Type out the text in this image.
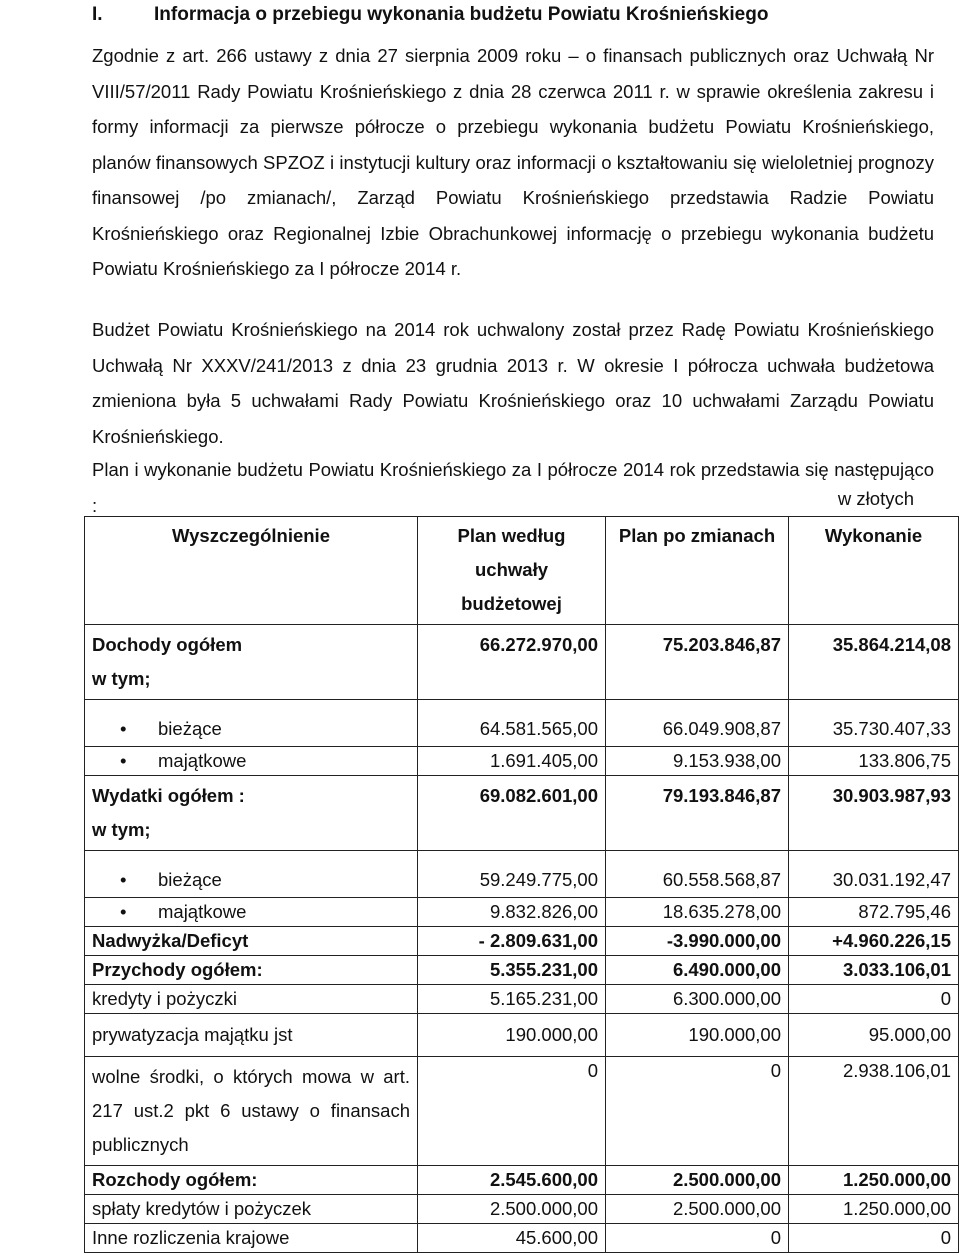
I.	Informacja o przebiegu wykonania budżetu Powiatu Krośnieńskiego
Zgodnie z art. 266 ustawy z dnia 27 sierpnia 2009 roku – o finansach publicznych oraz Uchwałą Nr VIII/57/2011 Rady Powiatu Krośnieńskiego z dnia 28 czerwca 2011 r. w sprawie określenia zakresu i formy informacji za pierwsze półrocze o przebiegu wykonania budżetu Powiatu Krośnieńskiego, planów finansowych SPZOZ i instytucji kultury oraz informacji o kształtowaniu się wieloletniej prognozy finansowej /po zmianach/, Zarząd Powiatu Krośnieńskiego przedstawia Radzie Powiatu Krośnieńskiego oraz Regionalnej Izbie Obrachunkowej informację o przebiegu wykonania budżetu Powiatu Krośnieńskiego za I półrocze 2014 r.
Budżet Powiatu Krośnieńskiego na 2014 rok uchwalony został przez Radę Powiatu Krośnieńskiego Uchwałą Nr XXXV/241/2013 z dnia 23 grudnia 2013 r. W okresie I półrocza uchwała budżetowa zmieniona była 5 uchwałami Rady Powiatu Krośnieńskiego oraz 10 uchwałami Zarządu Powiatu Krośnieńskiego.
Plan i wykonanie budżetu Powiatu Krośnieńskiego za I półrocze 2014 rok przedstawia się następująco :	w złotych
Wyszczególnienie	Plan według uchwały budżetowej	Plan po zmianach	Wykonanie

Dochody ogółem
w tym;	66.272.970,00	75.203.846,87	35.864.214,08
•bieżące	64.581.565,00	66.049.908,87	35.730.407,33
•majątkowe	1.691.405,00	9.153.938,00	133.806,75

Wydatki ogółem :
w tym;	69.082.601,00	79.193.846,87	30.903.987,93
•bieżące	59.249.775,00	60.558.568,87	30.031.192,47
•majątkowe	9.832.826,00	18.635.278,00	872.795,46
Nadwyżka/Deficyt	- 2.809.631,00	-3.990.000,00	+4.960.226,15
Przychody ogółem:	5.355.231,00	6.490.000,00	3.033.106,01
kredyty i pożyczki	5.165.231,00	6.300.000,00	0
prywatyzacja majątku jst	190.000,00	190.000,00	95.000,00
wolne środki, o których mowa w art. 217 ust.2 pkt 6 ustawy o finansach publicznych	0	0	2.938.106,01
Rozchody ogółem:	2.545.600,00	2.500.000,00	1.250.000,00
spłaty kredytów i pożyczek	2.500.000,00	2.500.000,00	1.250.000,00
Inne rozliczenia krajowe	45.600,00	0	0
